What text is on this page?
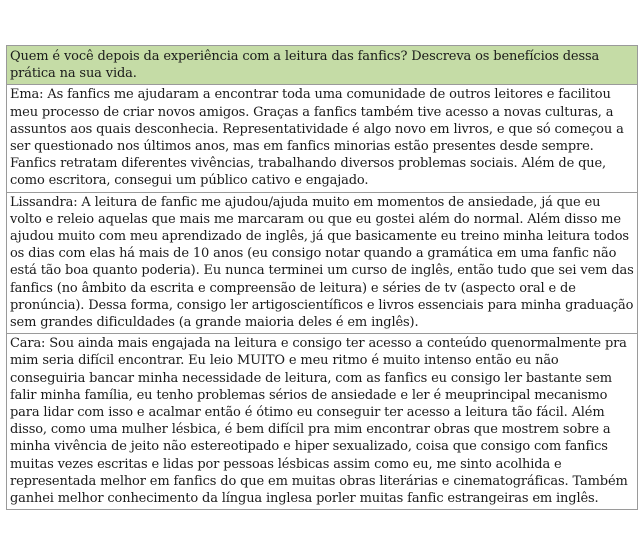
Quem é você depois da experiência com a leitura das fanfics? Descreva os benefícios dessa prática na sua vida.
Ema: As fanfics me ajudaram a encontrar toda uma comunidade de outros leitores e facilitou meu processo de criar novos amigos. Graças a fanfics também tive acesso a novas culturas, a assuntos aos quais desconhecia. Representatividade é algo novo em livros, e que só começou a ser questionado nos últimos anos, mas em fanfics minorias estão presentes desde sempre. Fanfics retratam diferentes vivências, trabalhando diversos problemas sociais. Além de que, como escritora, consegui um público cativo e engajado.
Lissandra: A leitura de fanfic me ajudou/ajuda muito em momentos de ansiedade, já que eu volto e releio aquelas que mais me marcaram ou que eu gostei além do normal. Além disso me ajudou muito com meu aprendizado de inglês, já que basicamente eu treino minha leitura todos os dias com elas há mais de 10 anos (eu consigo notar quando a gramática em uma fanfic não está tão boa quanto poderia). Eu nunca terminei um curso de inglês, então tudo que sei vem das fanfics (no âmbito da escrita e compreensão de leitura) e séries de tv (aspecto oral e de pronúncia). Dessa forma, consigo ler artigoscientíficos e livros essenciais para minha graduação sem grandes dificuldades (a grande maioria deles é em inglês).
Cara: Sou ainda mais engajada na leitura e consigo ter acesso a conteúdo quenormalmente pra mim seria difícil encontrar. Eu leio MUITO e meu ritmo é muito intenso então eu não conseguiria bancar minha necessidade de leitura, com as fanfics eu consigo ler bastante sem falir minha família, eu tenho problemas sérios de ansiedade e ler é meuprincipal mecanismo para lidar com isso e acalmar então é ótimo eu conseguir ter acesso a leitura tão fácil. Além disso, como uma mulher lésbica, é bem difícil pra mim encontrar obras que mostrem sobre a minha vivência de jeito não estereotipado e hiper sexualizado, coisa que consigo com fanfics muitas vezes escritas e lidas por pessoas lésbicas assim como eu, me sinto acolhida e representada melhor em fanfics do que em muitas obras literárias e cinematográficas. Também ganhei melhor conhecimento da língua inglesa porler muitas fanfic estrangeiras em inglês.
